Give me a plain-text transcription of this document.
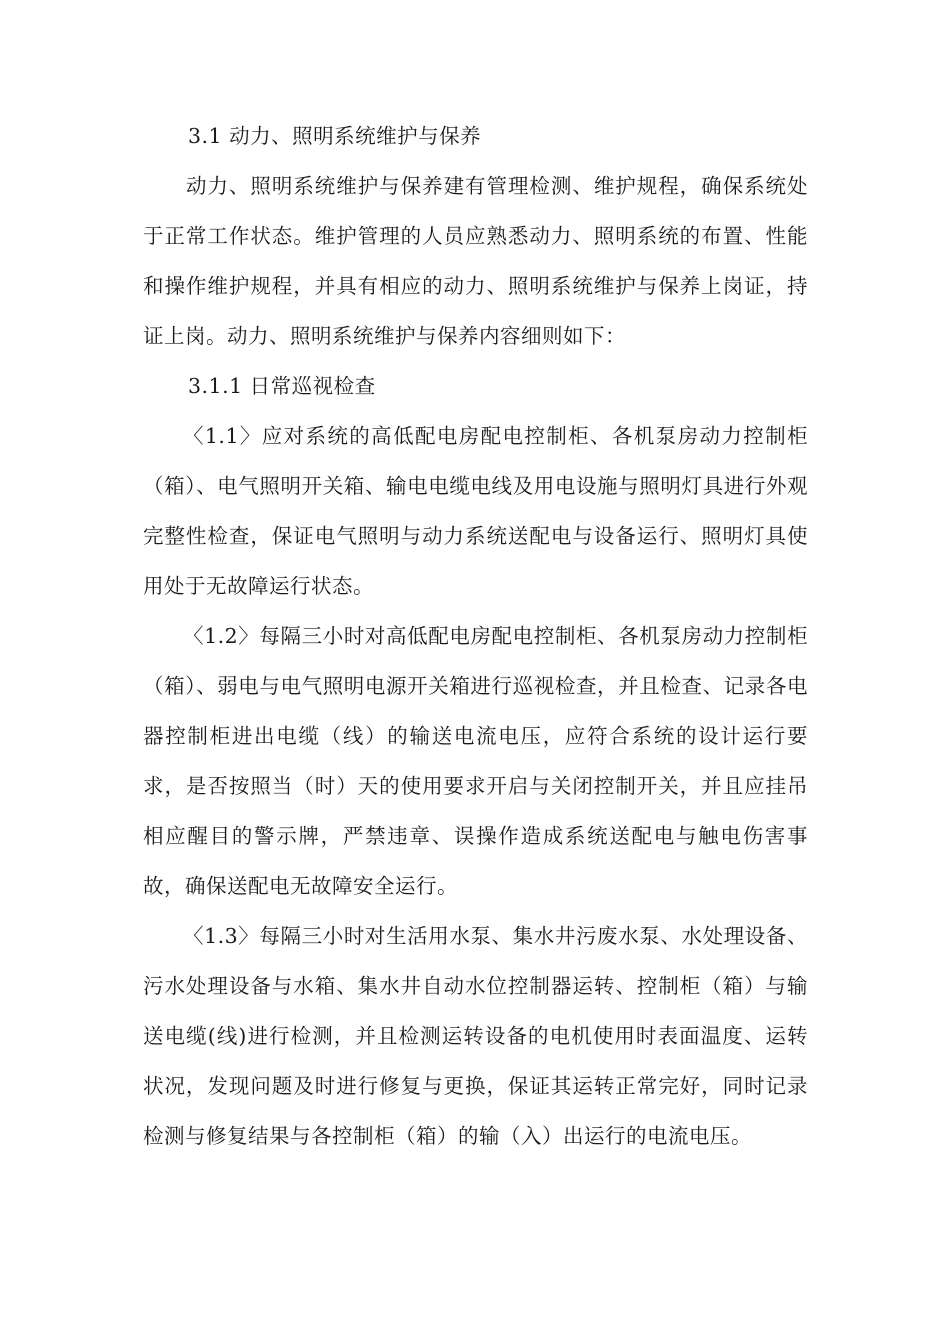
3.1 动力、照明系统维护与保养

动力、照明系统维护与保养建有管理检测、维护规程，确保系统处于正常工作状态。维护管理的人员应熟悉动力、照明系统的布置、性能和操作维护规程，并具有相应的动力、照明系统维护与保养上岗证，持证上岗。动力、照明系统维护与保养内容细则如下：

3.1.1 日常巡视检查

〈1.1〉应对系统的高低配电房配电控制柜、各机泵房动力控制柜（箱）、电气照明开关箱、输电电缆电线及用电设施与照明灯具进行外观完整性检查，保证电气照明与动力系统送配电与设备运行、照明灯具使用处于无故障运行状态。

〈1.2〉每隔三小时对高低配电房配电控制柜、各机泵房动力控制柜（箱）、弱电与电气照明电源开关箱进行巡视检查，并且检查、记录各电器控制柜进出电缆（线）的输送电流电压，应符合系统的设计运行要求，是否按照当（时）天的使用要求开启与关闭控制开关，并且应挂吊相应醒目的警示牌，严禁违章、误操作造成系统送配电与触电伤害事故，确保送配电无故障安全运行。

〈1.3〉每隔三小时对生活用水泵、集水井污废水泵、水处理设备、污水处理设备与水箱、集水井自动水位控制器运转、控制柜（箱）与输送电缆(线)进行检测，并且检测运转设备的电机使用时表面温度、运转状况，发现问题及时进行修复与更换，保证其运转正常完好，同时记录检测与修复结果与各控制柜（箱）的输（入）出运行的电流电压。
